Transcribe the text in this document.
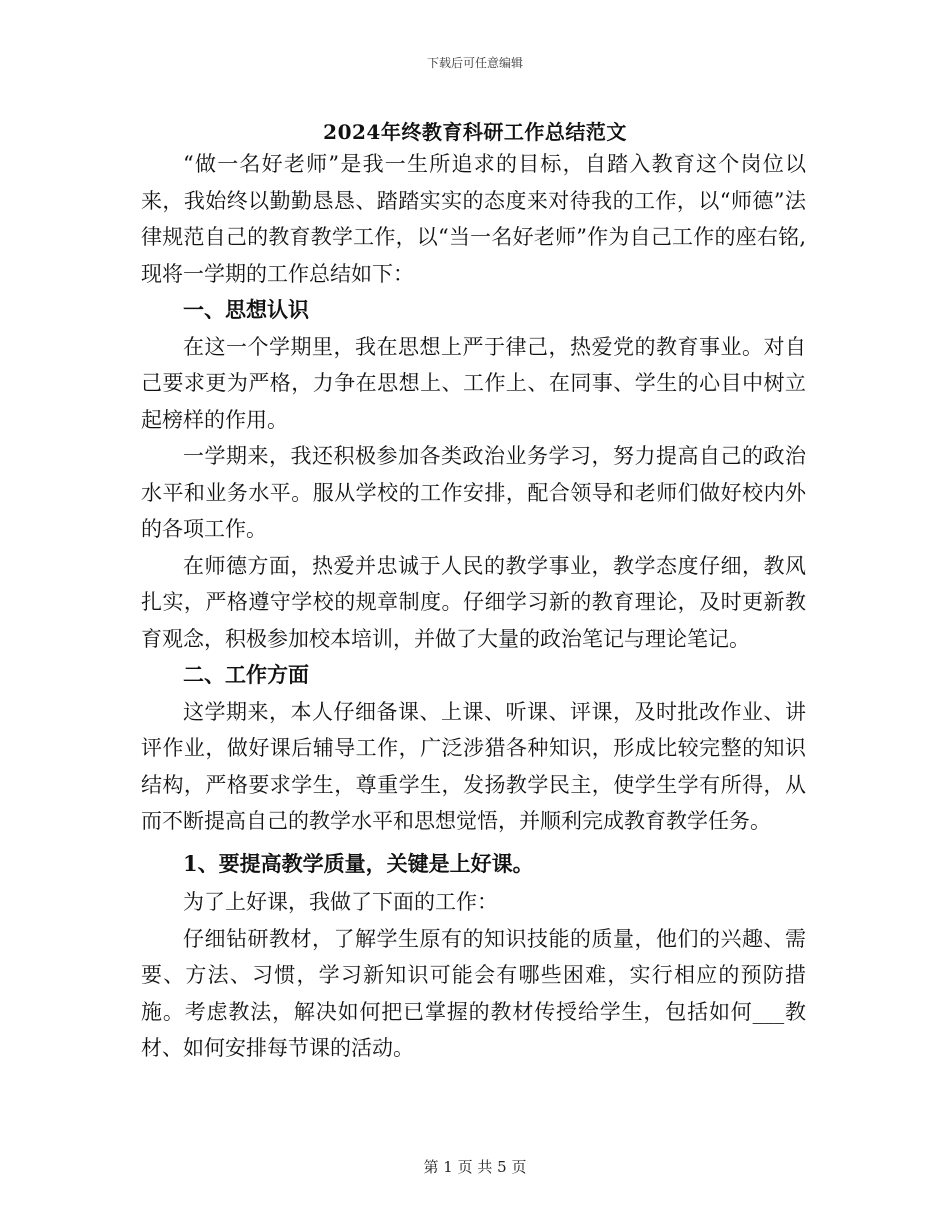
下载后可任意编辑
2024年终教育科研工作总结范文

“做一名好老师”是我一生所追求的目标，自踏入教育这个岗位以来，我始终以勤勤恳恳、踏踏实实的态度来对待我的工作，以“师德”法律规范自己的教育教学工作，以“当一名好老师”作为自己工作的座右铭,现将一学期的工作总结如下：

一、思想认识

在这一个学期里，我在思想上严于律己，热爱党的教育事业。对自己要求更为严格，力争在思想上、工作上、在同事、学生的心目中树立起榜样的作用。

一学期来，我还积极参加各类政治业务学习，努力提高自己的政治水平和业务水平。服从学校的工作安排，配合领导和老师们做好校内外的各项工作。

在师德方面，热爱并忠诚于人民的教学事业，教学态度仔细，教风扎实，严格遵守学校的规章制度。仔细学习新的教育理论，及时更新教育观念，积极参加校本培训，并做了大量的政治笔记与理论笔记。

二、工作方面

这学期来，本人仔细备课、上课、听课、评课，及时批改作业、讲评作业，做好课后辅导工作，广泛涉猎各种知识，形成比较完整的知识结构，严格要求学生，尊重学生，发扬教学民主，使学生学有所得，从而不断提高自己的教学水平和思想觉悟，并顺利完成教育教学任务。

1、要提高教学质量，关键是上好课。

为了上好课，我做了下面的工作：

仔细钻研教材，了解学生原有的知识技能的质量，他们的兴趣、需要、方法、习惯，学习新知识可能会有哪些困难，实行相应的预防措施。考虑教法，解决如何把已掌握的教材传授给学生，包括如何___教材、如何安排每节课的活动。

第 1 页 共 5 页
